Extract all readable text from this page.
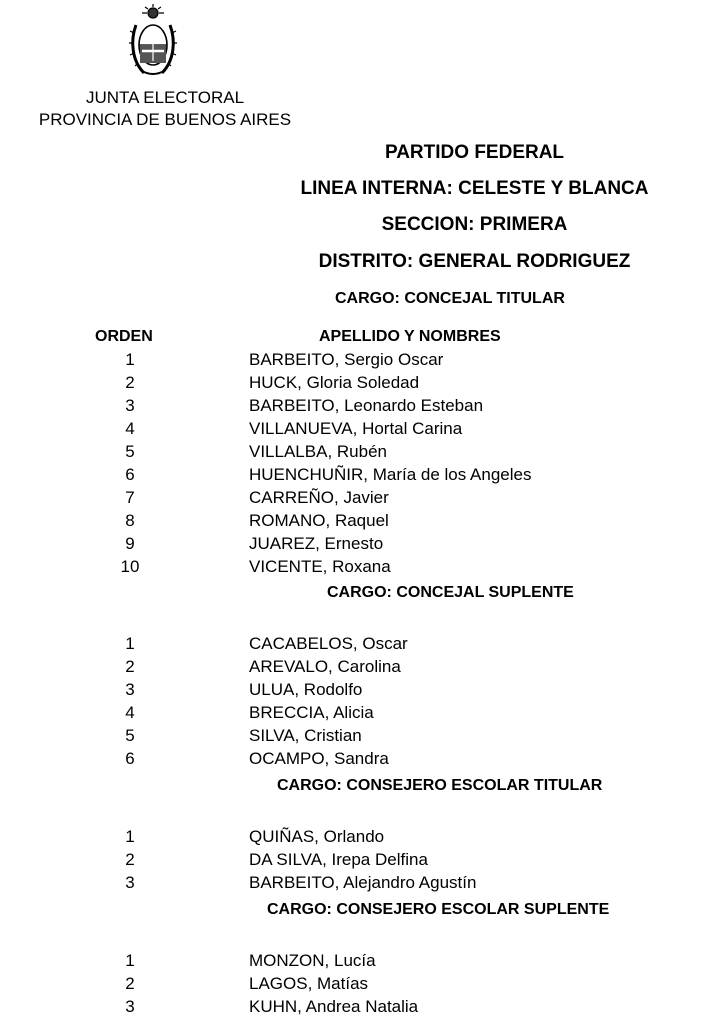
JUNTA ELECTORAL
PROVINCIA DE BUENOS AIRES
PARTIDO FEDERAL
LINEA INTERNA: CELESTE Y BLANCA
SECCION: PRIMERA
DISTRITO: GENERAL RODRIGUEZ
CARGO: CONCEJAL TITULAR
ORDEN	APELLIDO Y NOMBRES
1	BARBEITO, Sergio Oscar
2	HUCK, Gloria Soledad
3	BARBEITO, Leonardo Esteban
4	VILLANUEVA, Hortal Carina
5	VILLALBA, Rubén
6	HUENCHUÑIR, María de los Angeles
7	CARREÑO, Javier
8	ROMANO, Raquel
9	JUAREZ, Ernesto
10	VICENTE, Roxana
CARGO: CONCEJAL SUPLENTE
1	CACABELOS, Oscar
2	AREVALO, Carolina
3	ULUA, Rodolfo
4	BRECCIA, Alicia
5	SILVA, Cristian
6	OCAMPO, Sandra
CARGO: CONSEJERO ESCOLAR TITULAR
1	QUIÑAS, Orlando
2	DA SILVA, Irepa Delfina
3	BARBEITO, Alejandro Agustín
CARGO: CONSEJERO ESCOLAR SUPLENTE
1	MONZON, Lucía
2	LAGOS, Matías
3	KUHN, Andrea Natalia
